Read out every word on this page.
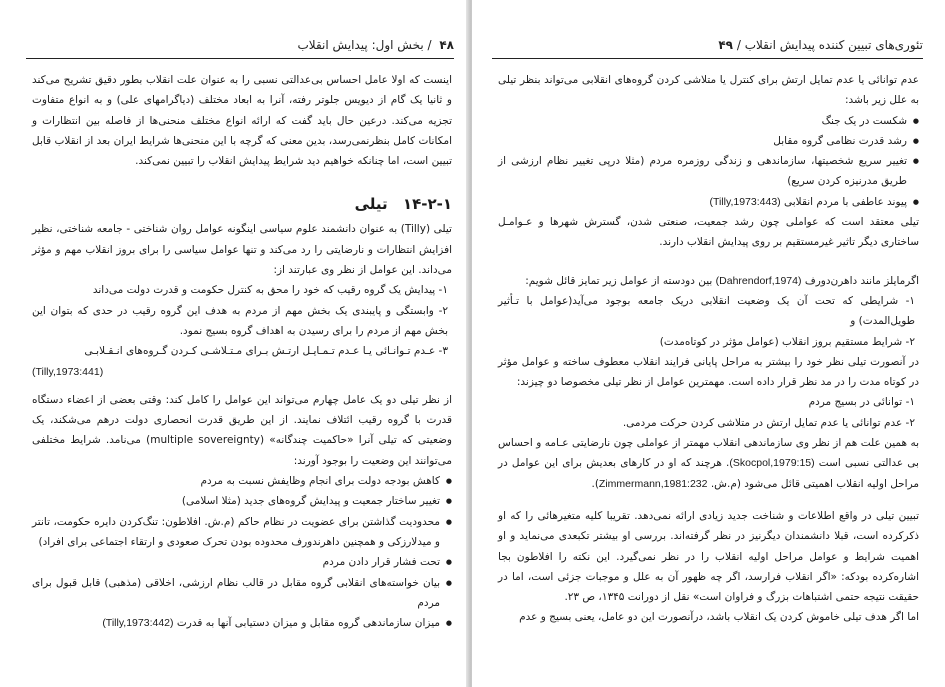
۴۸ / بخش اول: پیدایش انقلاب

اینست که اولا عامل احساس بی‌عدالتی نسبی را به عنوان علت انقلاب بطور دقیق تشریح می‌کند و ثانیا یک گام از دیویس جلوتر رفته، آنرا به ابعاد مختلف (دیاگرامهای علی) و به انواع متفاوت تجزیه می‌کند. درعین حال باید گفت که ارائه انواع مختلف منحنی‌ها از فاصله بین انتظارات و امکانات کامل بنظرنمی‌رسد، بدین معنی که گرچه با این منحنی‌ها شرایط ایران بعد از انقلاب قابل تبیین است، اما چنانکه خواهیم دید شرایط پیدایش انقلاب را تبیین نمی‌کند.

۱۴-۲-۱ تیلی

تیلی (Tilly) به عنوان دانشمند علوم سیاسی اینگونه عوامل روان شناختی - جامعه شناختی، نظیر افزایش انتظارات و نارضایتی را رد می‌کند و تنها عوامل سیاسی را برای بروز انقلاب مهم و مؤثر می‌داند. این عوامل از نظر وی عبارتند از:

۱- پیدایش یک گروه رقیب که خود را محق به کنترل حکومت و قدرت دولت می‌داند

۲- وابستگی و پایبندی یک بخش مهم از مردم به هدف این گروه رقیب در حدی که بتوان این بخش مهم از مردم را برای رسیدن به اهداف گروه بسیج نمود.

۳- عـدم تـوانـائی یـا عـدم تـمـایـل ارتـش بـرای مـتـلاشـی کـردن گـروه‌های انـقـلابـی

(Tilly,1973:441)

از نظر تیلی دو یک عامل چهارم می‌تواند این عوامل را کامل کند: وقتی بعضی از اعضاء دستگاه قدرت با گروه رقیب ائتلاف نمایند. از این طریق قدرت انحصاری دولت درهم می‌شکند، یک وضعیتی که تیلی آنرا «حاکمیت چندگانه» (multiple sovereignty) می‌نامد. شرایط مختلفی می‌توانند این وضعیت را بوجود آورند:

● کاهش بودجه دولت برای انجام وظایفش نسبت به مردم

● تغییر ساختار جمعیت و پیدایش گروه‌های جدید (مثلا اسلامی)

● محدودیت گذاشتن برای عضویت در نظام حاکم (م.ش. افلاطون: تنگ‌کردن دایره حکومت، تانتر و میدلارزکی و همچنین داهرندورف محدوده بودن تحرک صعودی و ارتقاء اجتماعی برای افراد)

● تحت فشار قرار دادن مردم

● بیان خواسته‌های انقلابی گروه مقابل در قالب نظام ارزشی، اخلاقی (مذهبی) قابل قبول برای مردم

● میزان سازماندهی گروه مقابل و میزان دستیابی آنها به قدرت (Tilly,1973:442)

تئوری‌های تبیین کننده پیدایش انقلاب / ۴۹

عدم توانائی یا عدم تمایل ارتش برای کنترل یا متلاشی کردن گروه‌های انقلابی می‌تواند بنظر تیلی به علل زیر باشد:

● شکست در یک جنگ

● رشد قدرت نظامی گروه مقابل

● تغییر سریع شخصیتها، سازماندهی و زندگی روزمره مردم (مثلا درپی تغییر نظام ارزشی از طریق مدرنیزه کردن سریع)

● پیوند عاطفی با مردم انقلابی (Tilly,1973:443)

تیلی معتقد است که عواملی چون رشد جمعیت، صنعتی شدن، گسترش شهرها و عـوامـل ساختاری دیگر تاثیر غیرمستقیم بر روی پیدایش انقلاب دارند.

اگرمایلز مانند داهرن‌دورف (Dahrendorf,1974) بین دودسته از عوامل زیر تمایز قائل شویم:

۱- شرایطی که تحت آن یک وضعیت انقلابی دریک جامعه بوجود می‌آید(عوامل با تـأثیر طویل‌المدت) و

۲- شرایط مستقیم بروز انقلاب (عوامل مؤثر در کوتاه‌مدت)

در آنصورت تیلی نظر خود را بیشتر به مراحل پایانی فرایند انقلاب معطوف ساخته و عوامل مؤثر در کوتاه مدت را در مد نظر قرار داده است. مهمترین عوامل از نظر تیلی مخصوصا دو چیزند:

۱- توانائی در بسیج مردم

۲- عدم توانائی یا عدم تمایل ارتش در متلاشی کردن حرکت مردمی.

به همین علت هم از نظر وی سازماندهی انقلاب مهمتر از عواملی چون نارضایتی عـامه و احساس بی عدالتی نسبی است (Skocpol,1979:15). هرچند که او در کارهای بعدیش برای این عوامل در مراحل اولیه انقلاب اهمیتی قائل می‌شود (م.ش. Zimmermann,1981:232).

تبیین تیلی در واقع اطلاعات و شناخت جدید زیادی ارائه نمی‌دهد. تقریبا کلیه متغیرهائی را که او ذکرکرده است، قبلا دانشمندان دیگرنیز در نظر گرفته‌اند. بررسی او بیشتر تکبعدی می‌نماید و او اهمیت شرایط و عوامل مراحل اولیه انقلاب را در نظر نمی‌گیرد. این نکته را افلاطون بجا اشاره‌کرده بودکه: «اگر انقلاب فرارسد، اگر چه ظهور آن به علل و موجبات جزئی است، اما در حقیقت نتیجه حتمی اشتباهات بزرگ و فراوان است» نقل از دورانت ۱۳۴۵، ص ۲۳.

اما اگر هدف تیلی خاموش کردن یک انقلاب باشد، درآنصورت این دو عامل، یعنی بسیج و عدم
